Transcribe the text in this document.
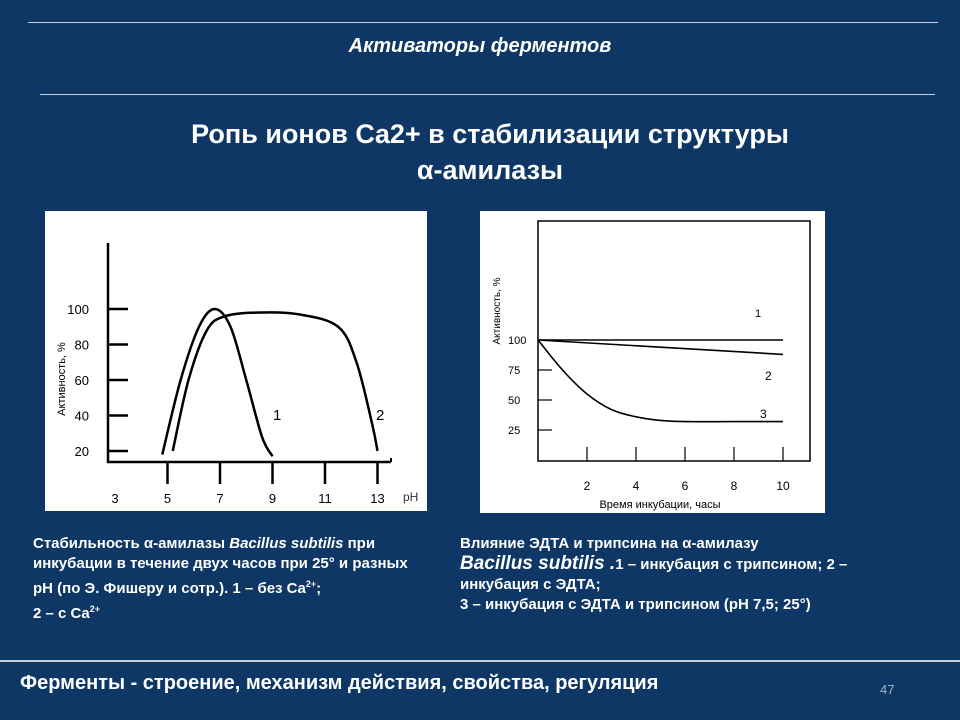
Активаторы ферментов
Ропь ионов Ca2+ в стабилизации структуры
α-амилазы
20
40
60
80
100
3	5	7	9	11	13 pH
Активность, %	1	2
100
75
50
25
2	4	6	8	10
Время инкубации, часы
Активность, %	1
2
3
Стабильность α-амилазы Bacillus subtilis при инкубации в течение двух часов при 25° и разных pH (по Э. Фишеру и сотр.). 1 – без $Ca^{2+}$;
2 – с $Ca^{2+}$
Влияние ЭДТА и трипсина на α-амилазу
Bacillus subtilis .1 – инкубация с трипсином; 2 – инкубация с ЭДТА;
3 – инкубация с ЭДТА и трипсином (pH 7,5; 25°)
Ферменты - строение, механизм действия, свойства, регуляция	47
